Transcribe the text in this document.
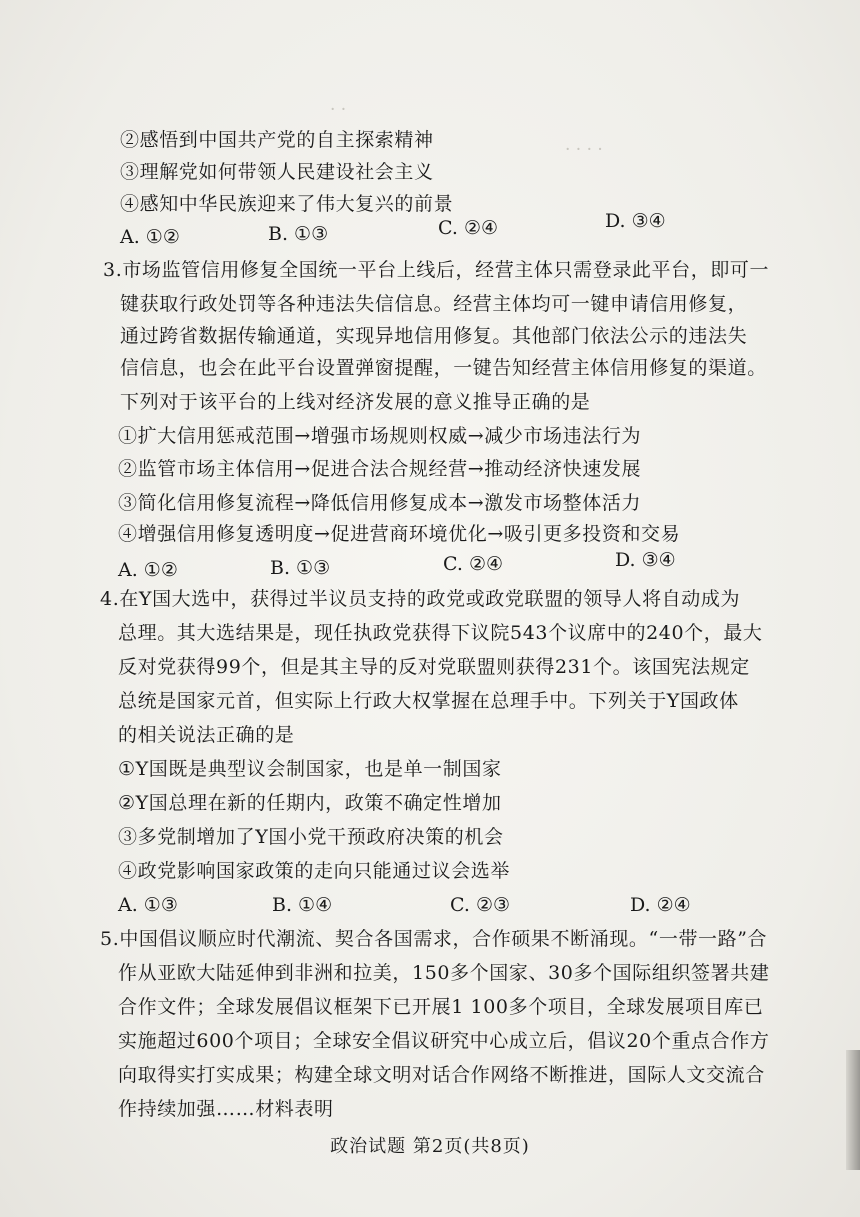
· ·
· · · ·
②感悟到中国共产党的自主探索精神
③理解党如何带领人民建设社会主义
④感知中华民族迎来了伟大复兴的前景
A. ①②	B. ①③	C. ②④	D. ③④
3.市场监管信用修复全国统一平台上线后，经营主体只需登录此平台，即可一
键获取行政处罚等各种违法失信信息。经营主体均可一键申请信用修复，
通过跨省数据传输通道，实现异地信用修复。其他部门依法公示的违法失
信信息，也会在此平台设置弹窗提醒，一键告知经营主体信用修复的渠道。
下列对于该平台的上线对经济发展的意义推导正确的是
①扩大信用惩戒范围→增强市场规则权威→减少市场违法行为
②监管市场主体信用→促进合法合规经营→推动经济快速发展
③简化信用修复流程→降低信用修复成本→激发市场整体活力
④增强信用修复透明度→促进营商环境优化→吸引更多投资和交易
A. ①②	B. ①③	C. ②④	D. ③④
4.在Y国大选中，获得过半议员支持的政党或政党联盟的领导人将自动成为
总理。其大选结果是，现任执政党获得下议院543个议席中的240个，最大
反对党获得99个，但是其主导的反对党联盟则获得231个。该国宪法规定
总统是国家元首，但实际上行政大权掌握在总理手中。下列关于Y国政体
的相关说法正确的是
①Y国既是典型议会制国家，也是单一制国家
②Y国总理在新的任期内，政策不确定性增加
③多党制增加了Y国小党干预政府决策的机会
④政党影响国家政策的走向只能通过议会选举
A. ①③	B. ①④	C. ②③	D. ②④
5.中国倡议顺应时代潮流、契合各国需求，合作硕果不断涌现。“一带一路”合
作从亚欧大陆延伸到非洲和拉美，150多个国家、30多个国际组织签署共建
合作文件；全球发展倡议框架下已开展1 100多个项目，全球发展项目库已
实施超过600个项目；全球安全倡议研究中心成立后，倡议20个重点合作方
向取得实打实成果；构建全球文明对话合作网络不断推进，国际人文交流合
作持续加强……材料表明
政治试题 第2页(共8页)
